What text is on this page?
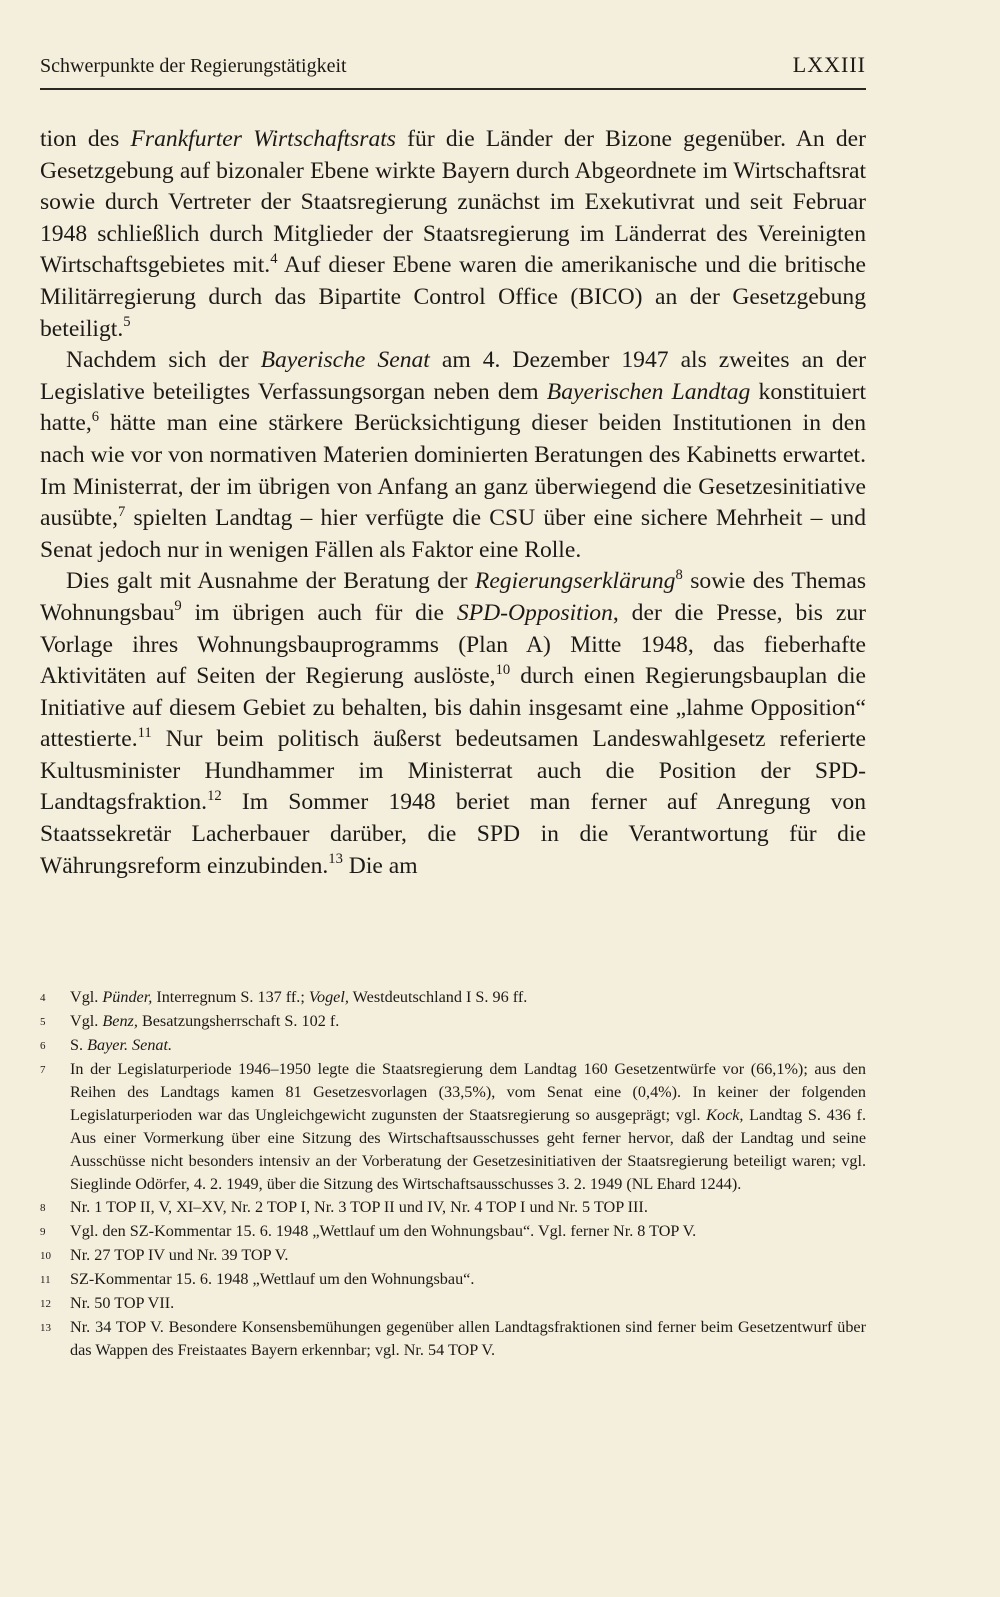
Schwerpunkte der Regierungstätigkeit	LXXIII

tion des Frankfurter Wirtschaftsrats für die Länder der Bizone gegenüber. An der Gesetzgebung auf bizonaler Ebene wirkte Bayern durch Abgeordnete im Wirtschaftsrat sowie durch Vertreter der Staatsregierung zunächst im Exekutivrat und seit Februar 1948 schließlich durch Mitglieder der Staatsregierung im Länderrat des Vereinigten Wirtschaftsgebietes mit.$^4$ Auf dieser Ebene waren die amerikanische und die britische Militärregierung durch das Bipartite Control Office (BICO) an der Gesetzgebung beteiligt.$^5$

Nachdem sich der Bayerische Senat am 4. Dezember 1947 als zweites an der Legislative beteiligtes Verfassungsorgan neben dem Bayerischen Landtag konstituiert hatte,$^6$ hätte man eine stärkere Berücksichtigung dieser beiden Institutionen in den nach wie vor von normativen Materien dominierten Beratungen des Kabinetts erwartet. Im Ministerrat, der im übrigen von Anfang an ganz überwiegend die Gesetzesinitiative ausübte,$^7$ spielten Landtag – hier verfügte die CSU über eine sichere Mehrheit – und Senat jedoch nur in wenigen Fällen als Faktor eine Rolle.

Dies galt mit Ausnahme der Beratung der Regierungserklärung$^8$ sowie des Themas Wohnungsbau$^9$ im übrigen auch für die SPD-Opposition, der die Presse, bis zur Vorlage ihres Wohnungsbauprogramms (Plan A) Mitte 1948, das fieberhafte Aktivitäten auf Seiten der Regierung auslöste,$^{10}$ durch einen Regierungsbauplan die Initiative auf diesem Gebiet zu behalten, bis dahin insgesamt eine „lahme Opposition“ attestierte.$^{11}$ Nur beim politisch äußerst bedeutsamen Landeswahlgesetz referierte Kultusminister Hundhammer im Ministerrat auch die Position der SPD-Landtagsfraktion.$^{12}$ Im Sommer 1948 beriet man ferner auf Anregung von Staatssekretär Lacherbauer darüber, die SPD in die Verantwortung für die Währungsreform einzubinden.$^{13}$ Die am

4	Vgl. Pünder, Interregnum S. 137 ff.; Vogel, Westdeutschland I S. 96 ff.
5	Vgl. Benz, Besatzungsherrschaft S. 102 f.
6	S. Bayer. Senat.
7	In der Legislaturperiode 1946–1950 legte die Staatsregierung dem Landtag 160 Gesetzentwürfe vor (66,1%); aus den Reihen des Landtags kamen 81 Gesetzesvorlagen (33,5%), vom Senat eine (0,4%). In keiner der folgenden Legislaturperioden war das Ungleichgewicht zugunsten der Staatsregierung so ausgeprägt; vgl. Kock, Landtag S. 436 f. Aus einer Vormerkung über eine Sitzung des Wirtschaftsausschusses geht ferner hervor, daß der Landtag und seine Ausschüsse nicht besonders intensiv an der Vorberatung der Gesetzesinitiativen der Staatsregierung beteiligt waren; vgl. Sieglinde Odörfer, 4. 2. 1949, über die Sitzung des Wirtschaftsausschusses 3. 2. 1949 (NL Ehard 1244).
8	Nr. 1 TOP II, V, XI–XV, Nr. 2 TOP I, Nr. 3 TOP II und IV, Nr. 4 TOP I und Nr. 5 TOP III.
9	Vgl. den SZ-Kommentar 15. 6. 1948 „Wettlauf um den Wohnungsbau“. Vgl. ferner Nr. 8 TOP V.
10	Nr. 27 TOP IV und Nr. 39 TOP V.
11	SZ-Kommentar 15. 6. 1948 „Wettlauf um den Wohnungsbau“.
12	Nr. 50 TOP VII.
13	Nr. 34 TOP V. Besondere Konsensbemühungen gegenüber allen Landtagsfraktionen sind ferner beim Gesetzentwurf über das Wappen des Freistaates Bayern erkennbar; vgl. Nr. 54 TOP V.
